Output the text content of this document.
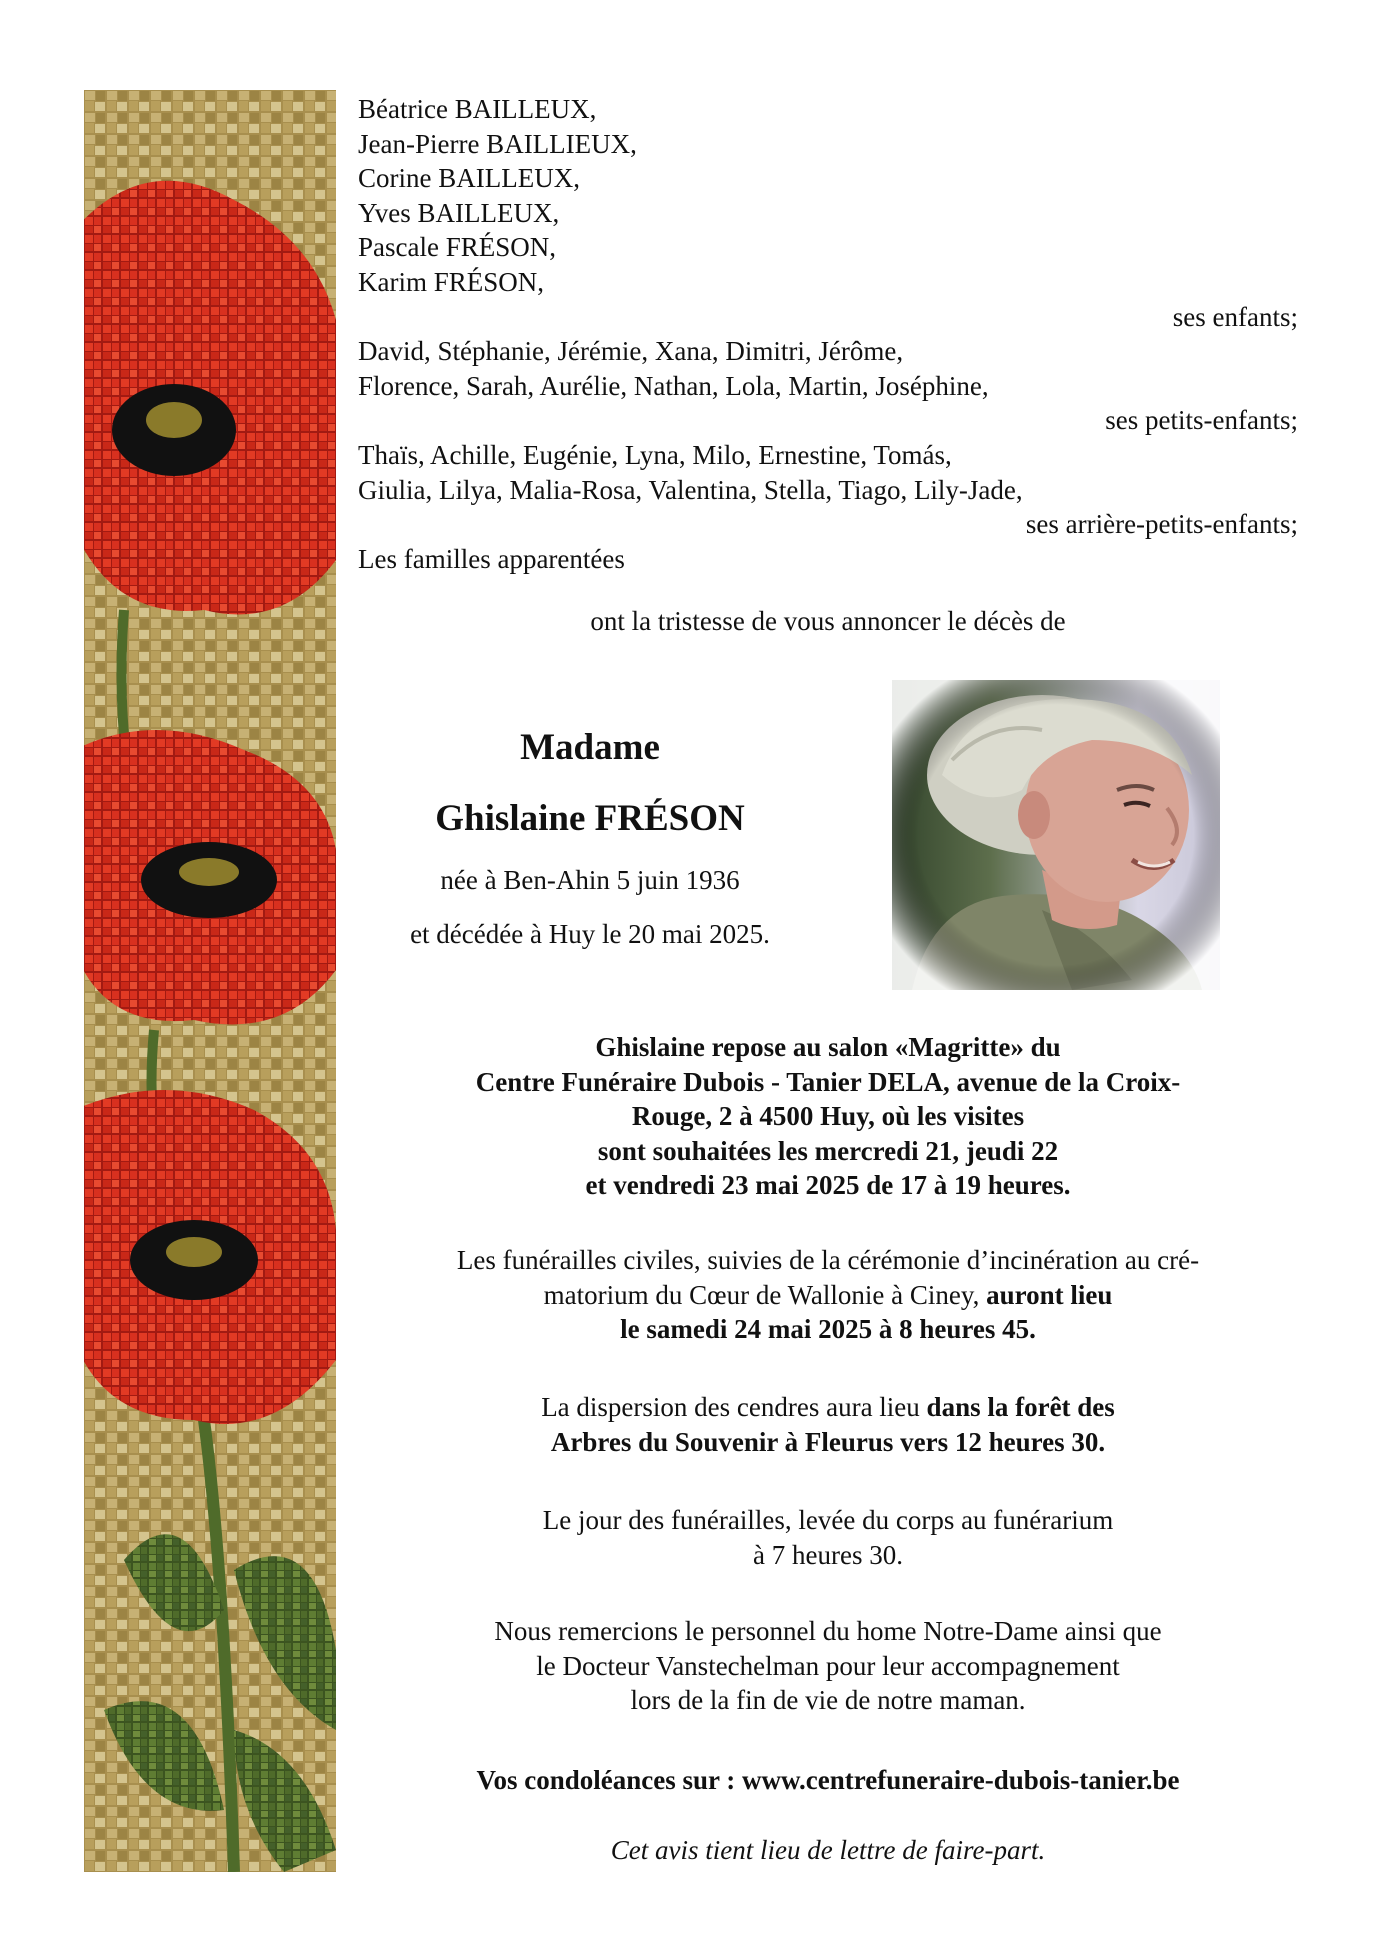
Béatrice BAILLEUX,
Jean-Pierre BAILLIEUX,
Corine BAILLEUX,
Yves BAILLEUX,
Pascale FRÉSON,
Karim FRÉSON,
ses enfants;
David, Stéphanie, Jérémie, Xana, Dimitri, Jérôme,
Florence, Sarah, Aurélie, Nathan, Lola, Martin, Joséphine,
ses petits-enfants;
Thaïs, Achille, Eugénie, Lyna, Milo, Ernestine, Tomás,
Giulia, Lilya, Malia-Rosa, Valentina, Stella, Tiago, Lily-Jade,
ses arrière-petits-enfants;
Les familles apparentées
ont la tristesse de vous annoncer le décès de
Madame
Ghislaine FRÉSON
née à Ben-Ahin 5 juin 1936
et décédée à Huy le 20 mai 2025.
Ghislaine repose au salon «Magritte» du
Centre Funéraire Dubois - Tanier DELA, avenue de la Croix-
Rouge, 2 à 4500 Huy, où les visites
sont souhaitées les mercredi 21, jeudi 22
et vendredi 23 mai 2025 de 17 à 19 heures.
Les funérailles civiles, suivies de la cérémonie d’incinération au cré-
matorium du Cœur de Wallonie à Ciney, auront lieu
le samedi 24 mai 2025 à 8 heures 45.
La dispersion des cendres aura lieu dans la forêt des
Arbres du Souvenir à Fleurus vers 12 heures 30.
Le jour des funérailles, levée du corps au funérarium
à 7 heures 30.
Nous remercions le personnel du home Notre-Dame ainsi que
le Docteur Vanstechelman pour leur accompagnement
lors de la fin de vie de notre maman.
Vos condoléances sur : www.centrefuneraire-dubois-tanier.be
Cet avis tient lieu de lettre de faire-part.
